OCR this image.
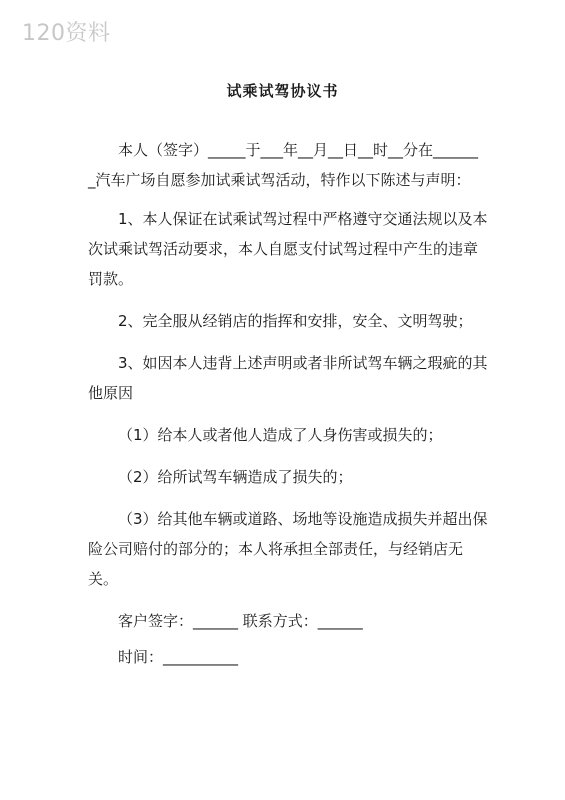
120资料
试乘试驾协议书

本人（签字）_____于___年__月__日__时__分在______ _汽车广场自愿参加试乘试驾活动，特作以下陈述与声明：

1、本人保证在试乘试驾过程中严格遵守交通法规以及本次试乘试驾活动要求，本人自愿支付试驾过程中产生的违章罚款。

2、完全服从经销店的指挥和安排，安全、文明驾驶；

3、如因本人违背上述声明或者非所试驾车辆之瑕疵的其他原因

（1）给本人或者他人造成了人身伤害或损失的；

（2）给所试驾车辆造成了损失的；

（3）给其他车辆或道路、场地等设施造成损失并超出保险公司赔付的部分的；本人将承担全部责任，与经销店无关。

客户签字：______ 联系方式：______

时间：__________
